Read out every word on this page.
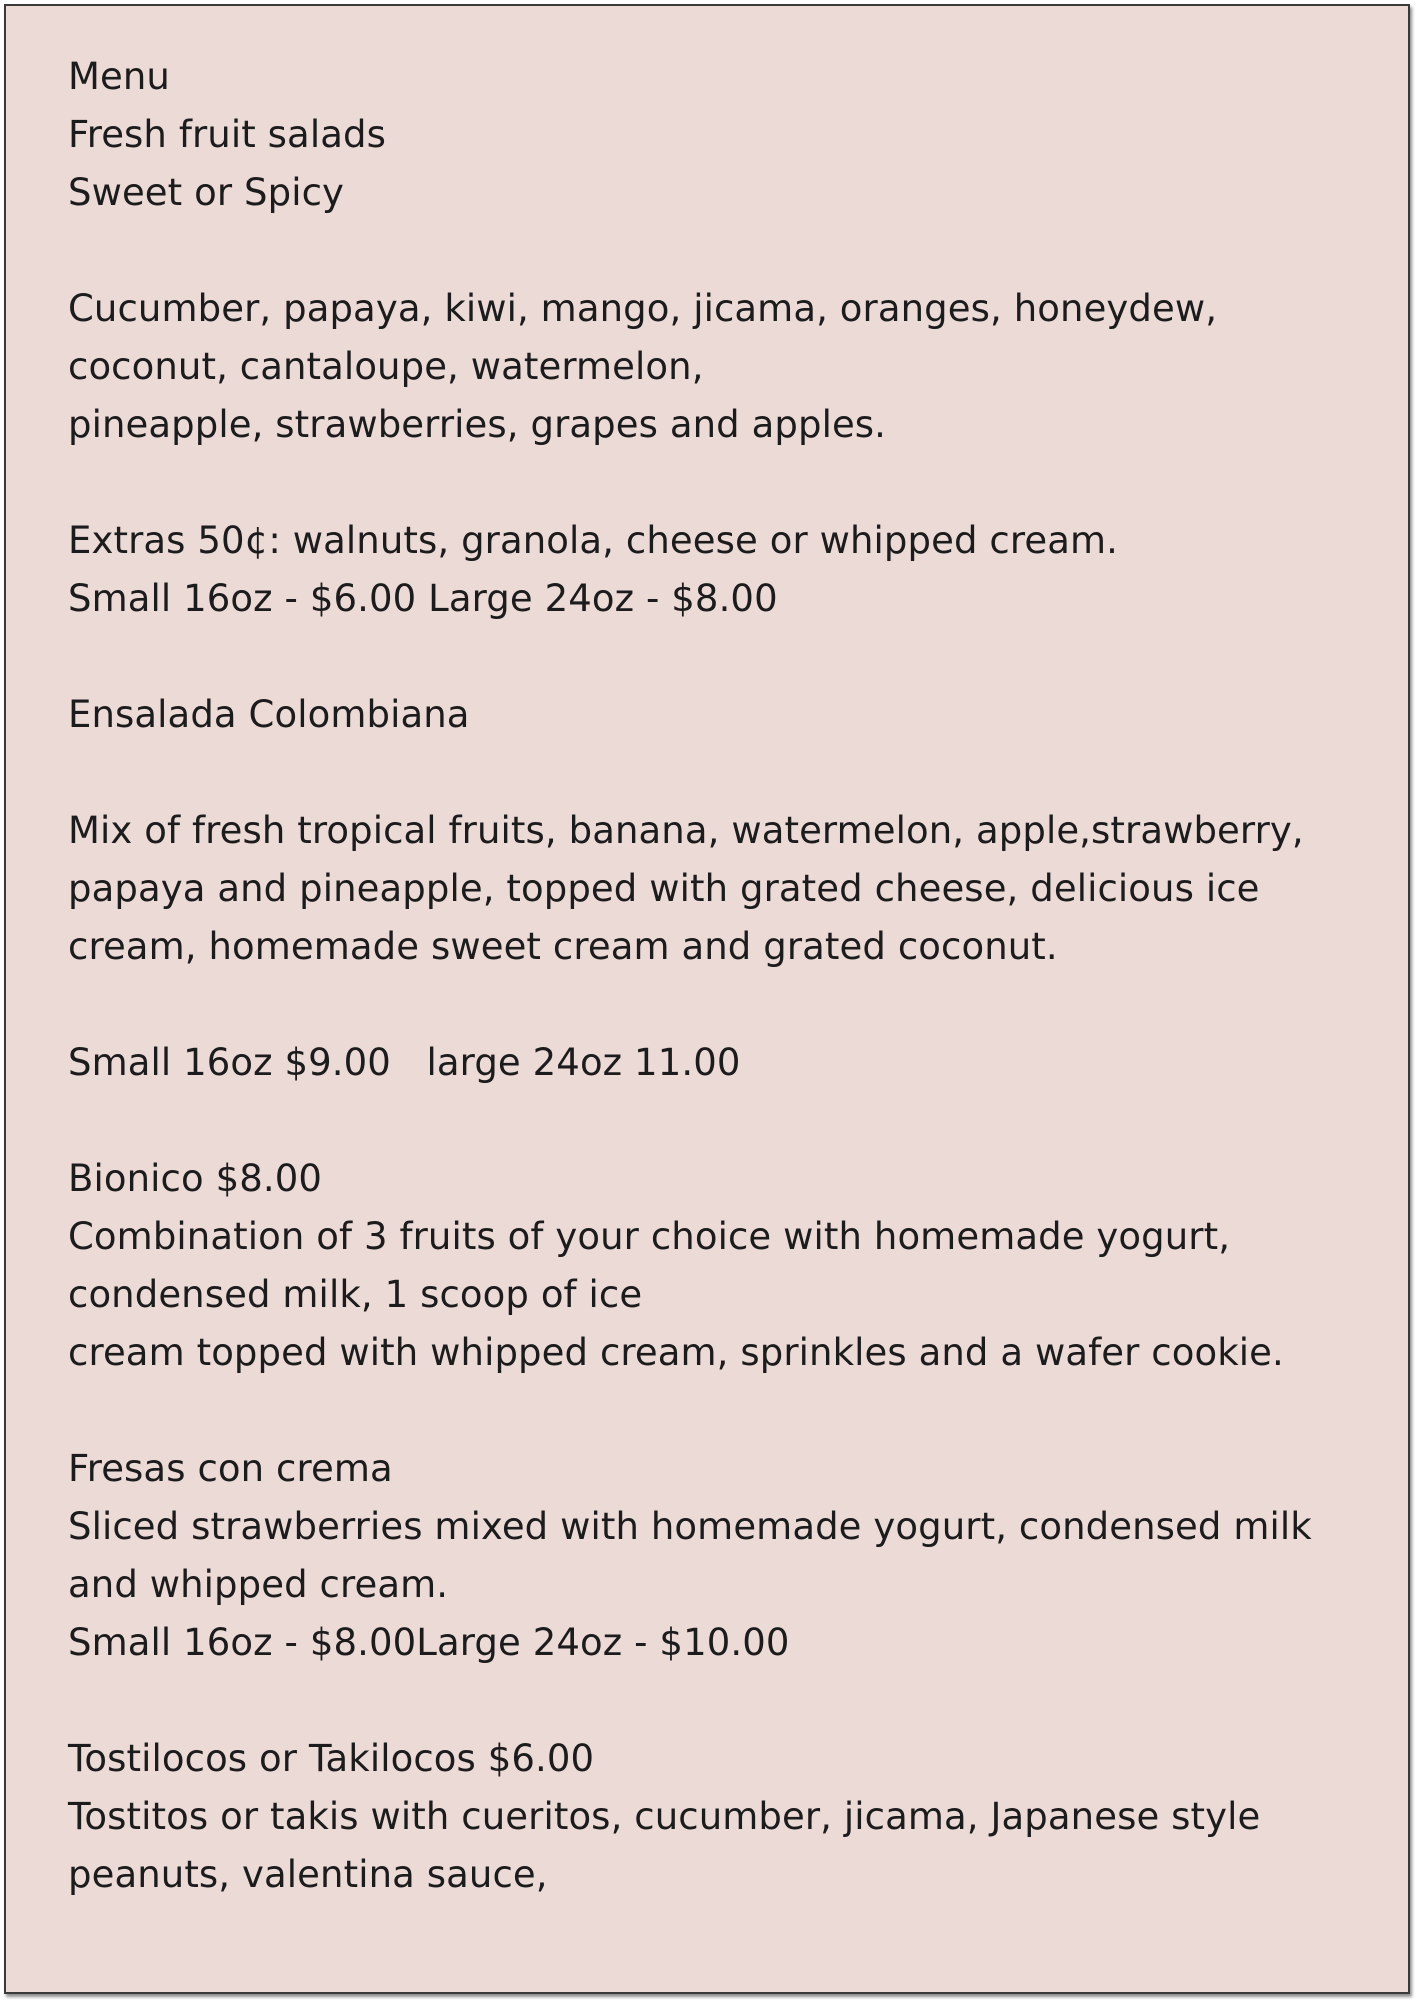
Menu
Fresh fruit salads
Sweet or Spicy
Cucumber, papaya, kiwi, mango, jicama, oranges, honeydew,
coconut, cantaloupe, watermelon,
pineapple, strawberries, grapes and apples.
Extras 50¢: walnuts, granola, cheese or whipped cream.
Small 16oz - $6.00 Large 24oz - $8.00
Ensalada Colombiana
Mix of fresh tropical fruits, banana, watermelon, apple,strawberry,
papaya and pineapple, topped with grated cheese, delicious ice
cream, homemade sweet cream and grated coconut.
Small 16oz $9.00   large 24oz 11.00
Bionico $8.00
Combination of 3 fruits of your choice with homemade yogurt,
condensed milk, 1 scoop of ice
cream topped with whipped cream, sprinkles and a wafer cookie.
Fresas con crema
Sliced strawberries mixed with homemade yogurt, condensed milk
and whipped cream.
Small 16oz - $8.00Large 24oz - $10.00
Tostilocos or Takilocos $6.00
Tostitos or takis with cueritos, cucumber, jicama, Japanese style
peanuts, valentina sauce,
